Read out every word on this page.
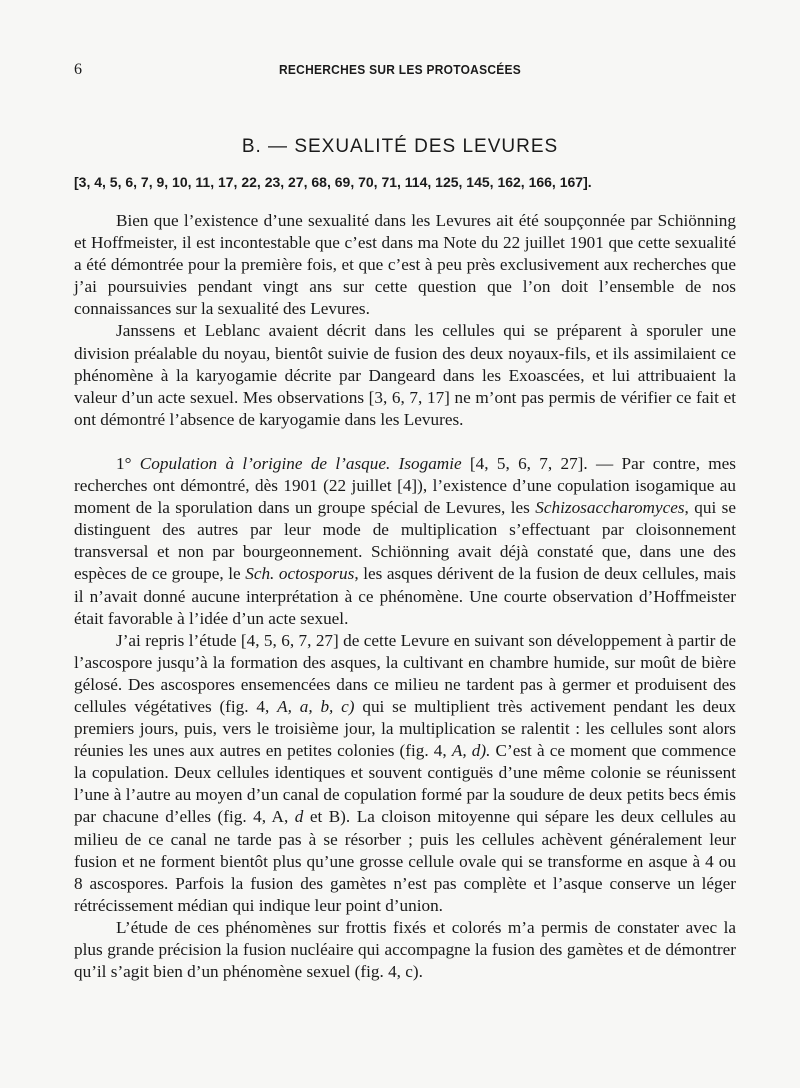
6	RECHERCHES SUR LES PROTOASCÉES
B. — SEXUALITÉ DES LEVURES
[3, 4, 5, 6, 7, 9, 10, 11, 17, 22, 23, 27, 68, 69, 70, 71, 114, 125, 145, 162, 166, 167].

Bien que l’existence d’une sexualité dans les Levures ait été soupçonnée par Schiönning et Hoffmeister, il est incontestable que c’est dans ma Note du 22 juillet 1901 que cette sexualité a été démontrée pour la première fois, et que c’est à peu près exclusivement aux recherches que j’ai poursuivies pendant vingt ans sur cette question que l’on doit l’ensemble de nos connaissances sur la sexualité des Levures.

Janssens et Leblanc avaient décrit dans les cellules qui se préparent à sporuler une division préalable du noyau, bientôt suivie de fusion des deux noyaux-fils, et ils assimilaient ce phénomène à la karyogamie décrite par Dangeard dans les Exoascées, et lui attribuaient la valeur d’un acte sexuel. Mes observations [3, 6, 7, 17] ne m’ont pas permis de vérifier ce fait et ont démontré l’absence de karyogamie dans les Levures.

1° Copulation à l’origine de l’asque. Isogamie [4, 5, 6, 7, 27]. — Par contre, mes recherches ont démontré, dès 1901 (22 juillet [4]), l’existence d’une copulation isogamique au moment de la sporulation dans un groupe spécial de Levures, les Schizosaccharomyces, qui se distinguent des autres par leur mode de multiplication s’effectuant par cloisonnement transversal et non par bourgeonnement. Schiönning avait déjà constaté que, dans une des espèces de ce groupe, le Sch. octosporus, les asques dérivent de la fusion de deux cellules, mais il n’avait donné aucune interprétation à ce phénomène. Une courte observation d’Hoffmeister était favorable à l’idée d’un acte sexuel.

J’ai repris l’étude [4, 5, 6, 7, 27] de cette Levure en suivant son développement à partir de l’ascospore jusqu’à la formation des asques, la cultivant en chambre humide, sur moût de bière gélosé. Des ascospores ensemencées dans ce milieu ne tardent pas à germer et produisent des cellules végétatives (fig. 4, A, a, b, c) qui se multiplient très activement pendant les deux premiers jours, puis, vers le troisième jour, la multiplication se ralentit : les cellules sont alors réunies les unes aux autres en petites colonies (fig. 4, A, d). C’est à ce moment que commence la copulation. Deux cellules identiques et souvent contiguës d’une même colonie se réunissent l’une à l’autre au moyen d’un canal de copulation formé par la soudure de deux petits becs émis par chacune d’elles (fig. 4, A, d et B). La cloison mitoyenne qui sépare les deux cellules au milieu de ce canal ne tarde pas à se résorber ; puis les cellules achèvent généralement leur fusion et ne forment bientôt plus qu’une grosse cellule ovale qui se transforme en asque à 4 ou 8 ascospores. Parfois la fusion des gamètes n’est pas complète et l’asque conserve un léger rétrécissement médian qui indique leur point d’union.

L’étude de ces phénomènes sur frottis fixés et colorés m’a permis de constater avec la plus grande précision la fusion nucléaire qui accompagne la fusion des gamètes et de démontrer qu’il s’agit bien d’un phénomène sexuel (fig. 4, c).
